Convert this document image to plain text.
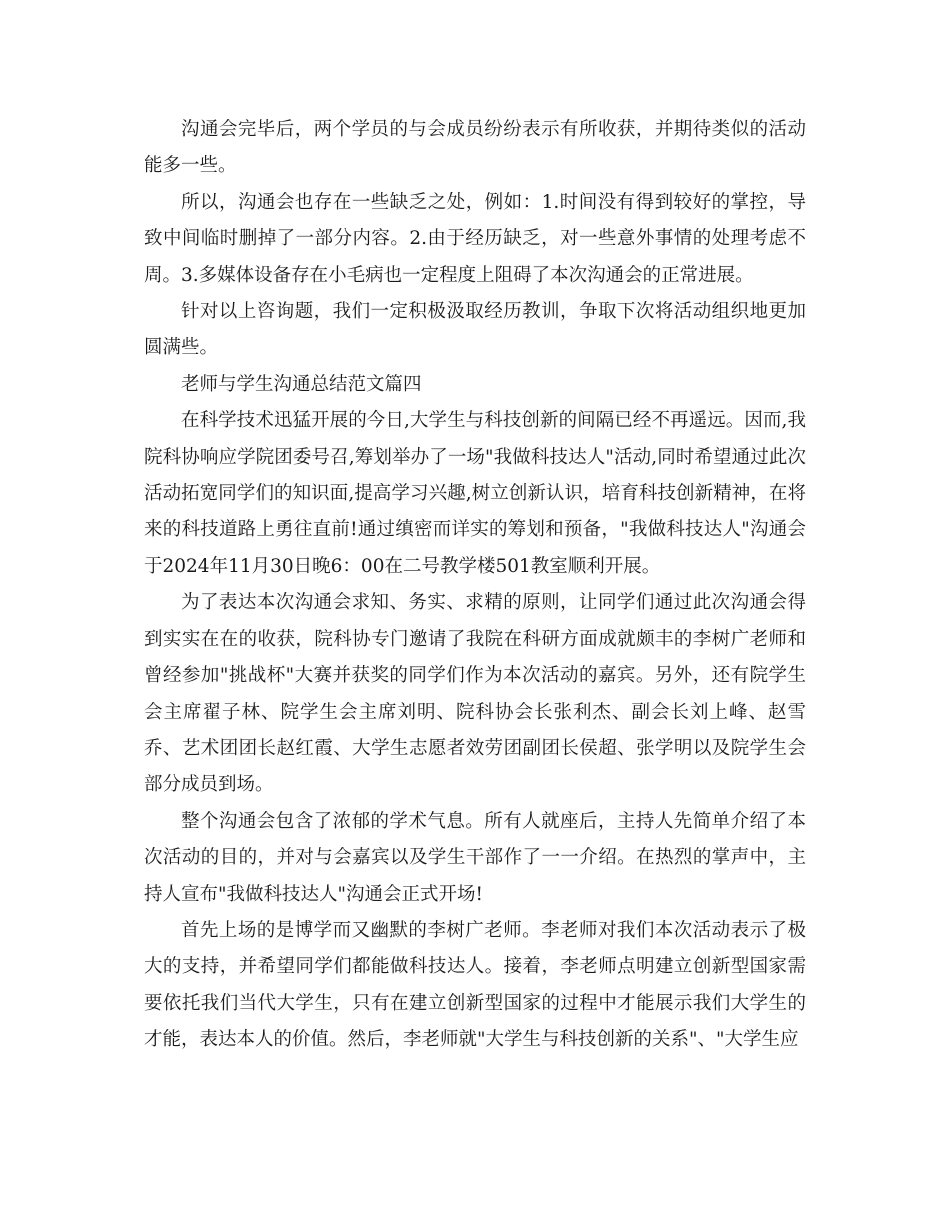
沟通会完毕后，两个学员的与会成员纷纷表示有所收获，并期待类似的活动能多一些。

所以，沟通会也存在一些缺乏之处，例如：1.时间没有得到较好的掌控，导致中间临时删掉了一部分内容。2.由于经历缺乏，对一些意外事情的处理考虑不周。3.多媒体设备存在小毛病也一定程度上阻碍了本次沟通会的正常进展。

针对以上咨询题，我们一定积极汲取经历教训，争取下次将活动组织地更加圆满些。

老师与学生沟通总结范文篇四

在科学技术迅猛开展的今日,大学生与科技创新的间隔已经不再遥远。因而,我院科协响应学院团委号召,筹划举办了一场"我做科技达人"活动,同时希望通过此次活动拓宽同学们的知识面,提高学习兴趣,树立创新认识，培育科技创新精神，在将来的科技道路上勇往直前!通过缜密而详实的筹划和预备，"我做科技达人"沟通会于2024年11月30日晚6：00在二号教学楼501教室顺利开展。

为了表达本次沟通会求知、务实、求精的原则，让同学们通过此次沟通会得到实实在在的收获，院科协专门邀请了我院在科研方面成就颇丰的李树广老师和曾经参加"挑战杯"大赛并获奖的同学们作为本次活动的嘉宾。另外，还有院学生会主席翟子林、院学生会主席刘明、院科协会长张利杰、副会长刘上峰、赵雪乔、艺术团团长赵红霞、大学生志愿者效劳团副团长侯超、张学明以及院学生会部分成员到场。

整个沟通会包含了浓郁的学术气息。所有人就座后，主持人先简单介绍了本次活动的目的，并对与会嘉宾以及学生干部作了一一介绍。在热烈的掌声中，主持人宣布"我做科技达人"沟通会正式开场!

首先上场的是博学而又幽默的李树广老师。李老师对我们本次活动表示了极大的支持，并希望同学们都能做科技达人。接着，李老师点明建立创新型国家需要依托我们当代大学生，只有在建立创新型国家的过程中才能展示我们大学生的才能，表达本人的价值。然后，李老师就"大学生与科技创新的关系"、"大学生应
